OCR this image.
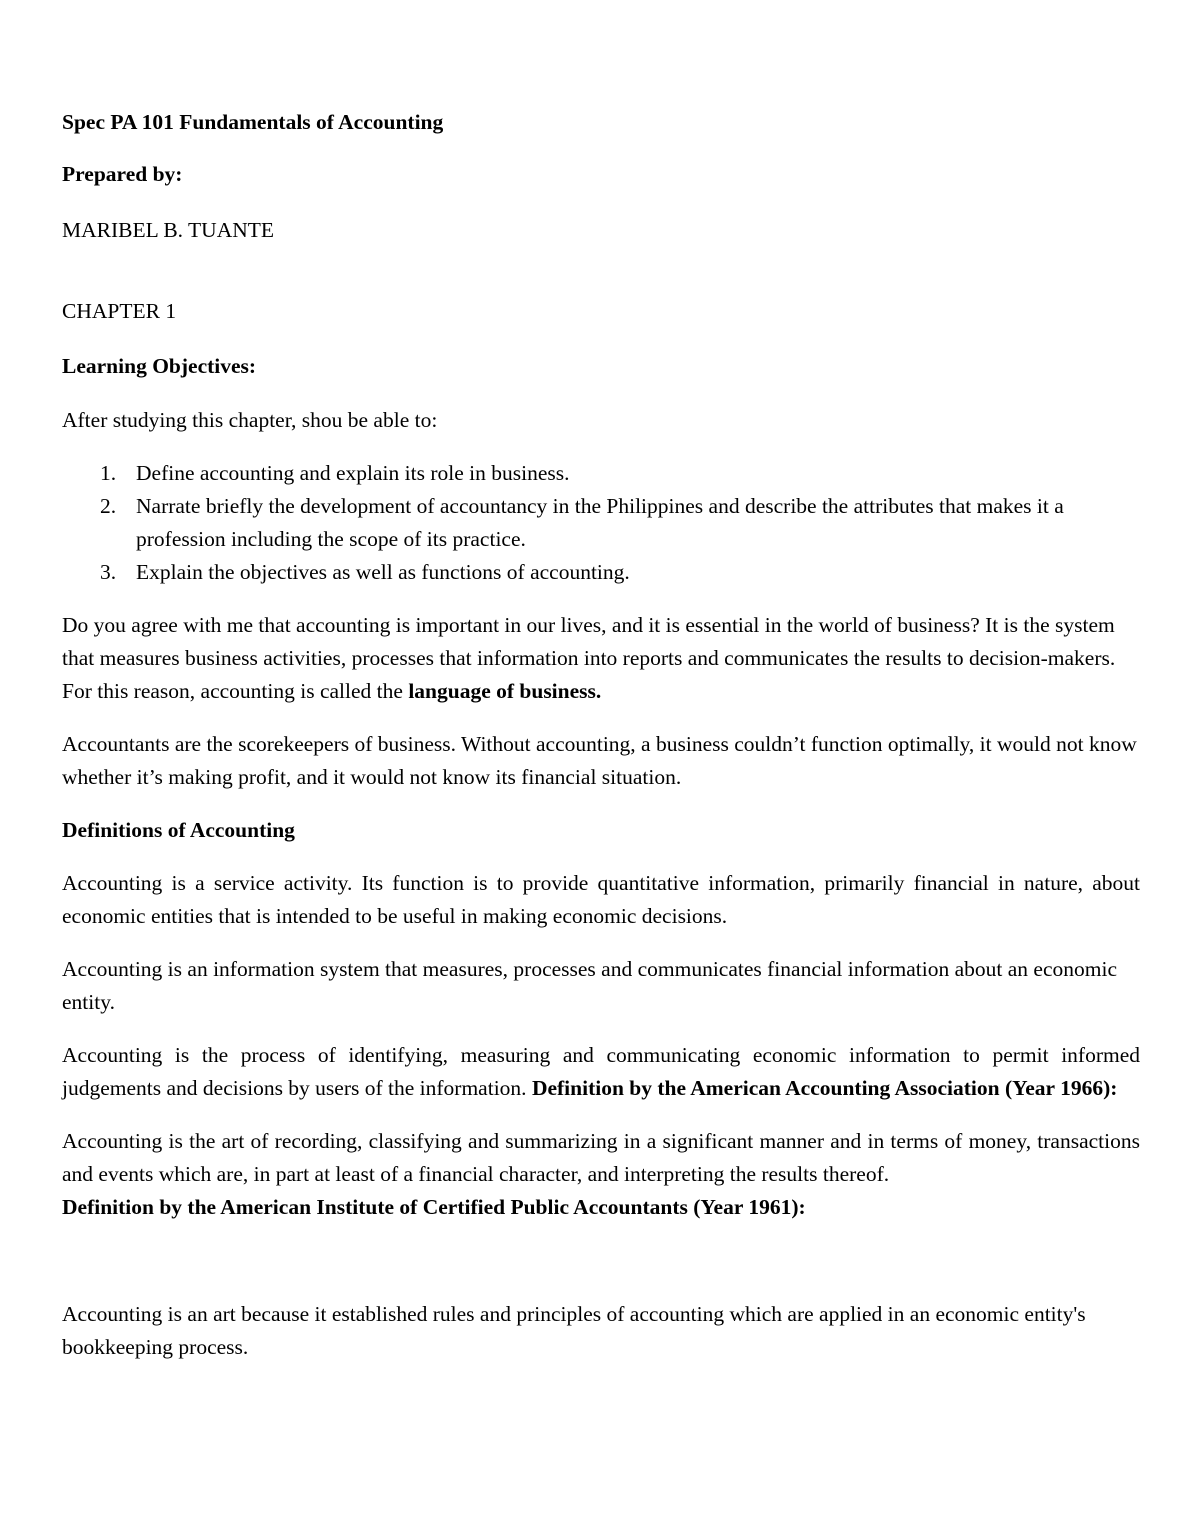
Spec PA 101 Fundamentals of Accounting

Prepared by:

MARIBEL B. TUANTE

CHAPTER 1

Learning Objectives:

After studying this chapter, shou be able to:

1. Define accounting and explain its role in business.
2. Narrate briefly the development of accountancy in the Philippines and describe the attributes that makes it a profession including the scope of its practice.
3. Explain the objectives as well as functions of accounting.

Do you agree with me that accounting is important in our lives, and it is essential in the world of business? It is the system that measures business activities, processes that information into reports and communicates the results to decision-makers. For this reason, accounting is called the language of business.

Accountants are the scorekeepers of business. Without accounting, a business couldn’t function optimally, it would not know whether it’s making profit, and it would not know its financial situation.

Definitions of Accounting

Accounting is a service activity. Its function is to provide quantitative information, primarily financial in nature, about economic entities that is intended to be useful in making economic decisions.

Accounting is an information system that measures, processes and communicates financial information about an economic entity.

Accounting is the process of identifying, measuring and communicating economic information to permit informed judgements and decisions by users of the information. Definition by the American Accounting Association (Year 1966):

Accounting is the art of recording, classifying and summarizing in a significant manner and in terms of money, transactions and events which are, in part at least of a financial character, and interpreting the results thereof.

Definition by the American Institute of Certified Public Accountants (Year 1961):

Accounting is an art because it established rules and principles of accounting which are applied in an economic entity's bookkeeping process.
